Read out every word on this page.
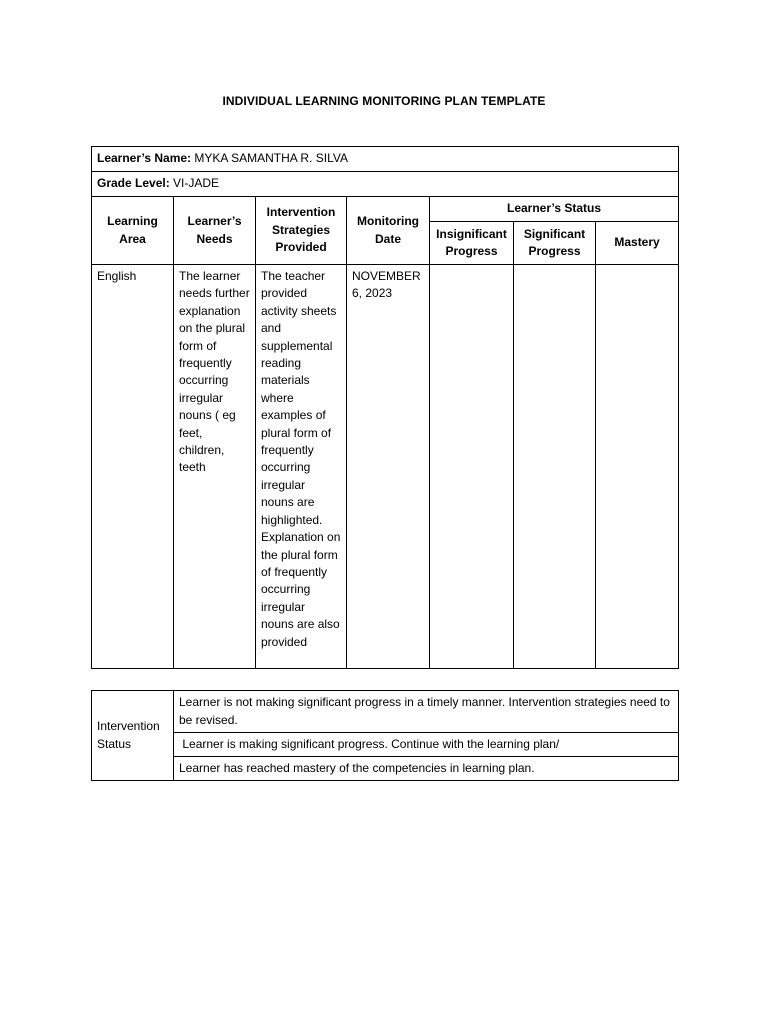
INDIVIDUAL LEARNING MONITORING PLAN TEMPLATE
Learner’s Name: MYKA SAMANTHA R. SILVA						
Grade Level: VI-JADE						
Learning Area	Learner’s Needs	Intervention Strategies Provided	Monitoring Date	Learner’s Status		
				Insignificant Progress	Significant Progress	Mastery
English	The learner needs further explanation on the plural form of frequently occurring irregular nouns ( eg feet, children, teeth	The teacher provided activity sheets and supplemental reading materials where examples of plural form of frequently occurring irregular nouns are highlighted. Explanation on the plural form of frequently occurring irregular nouns are also provided	NOVEMBER 6, 2023			
Intervention Status	Learner is not making significant progress in a timely manner. Intervention strategies need to be revised.
Learner is making significant progress. Continue with the learning plan/
Learner has reached mastery of the competencies in learning plan.
